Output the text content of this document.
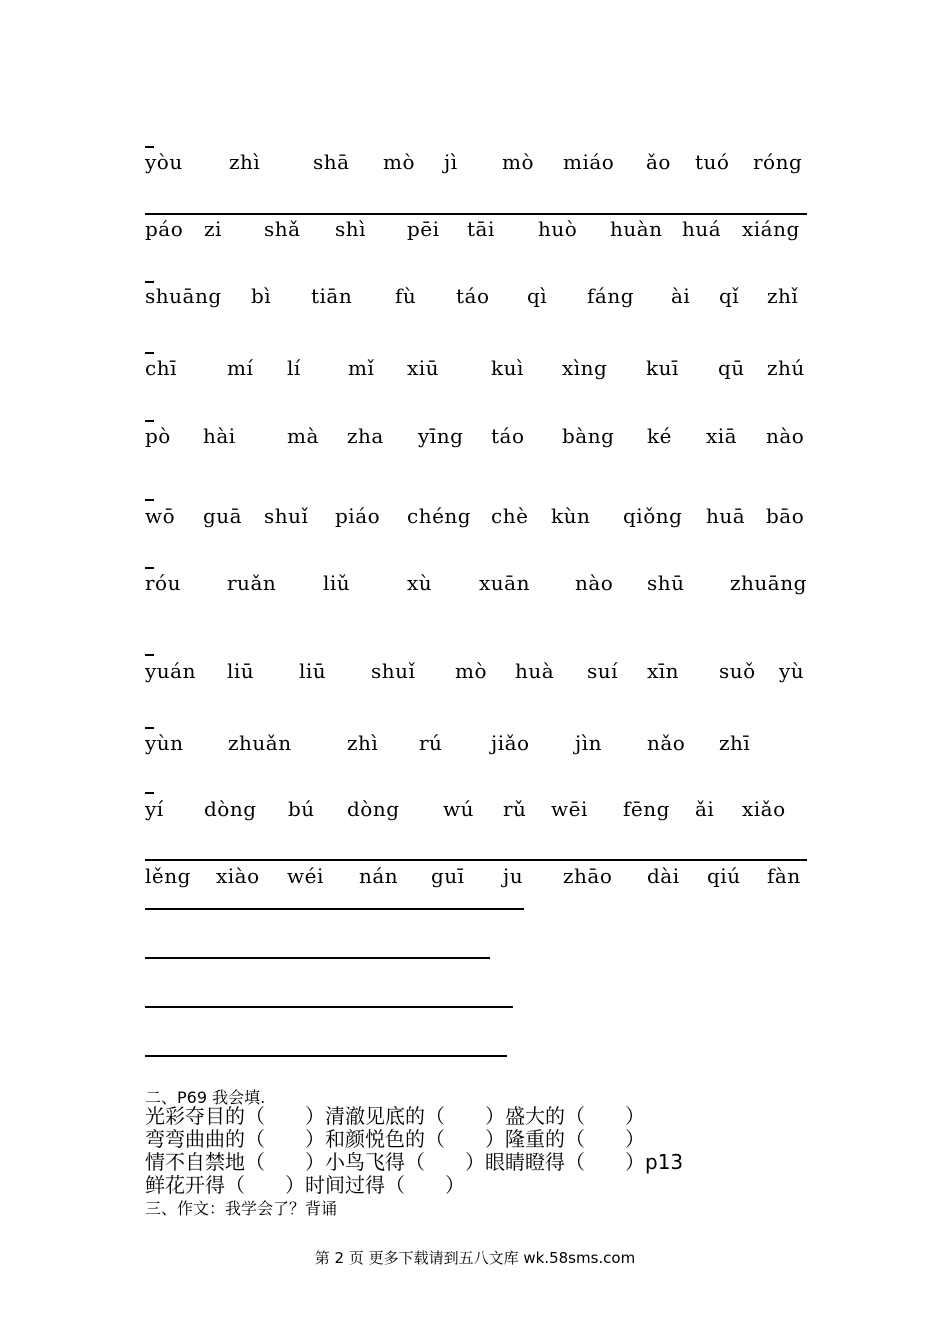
yòu zhì	shā mò jì mò miáo ǎo tuó róng
páo zi shǎ shì pēi tāi huò huàn huá xiáng
shuāng bì tiān fù táo qì fáng ài qǐ zhǐ
chī	mí lí mǐ xiū	kuì xìng kuī qū zhú
pò hài	mà zha yīng táo bàng ké xiā nào
wō guā shuǐ piáo chéng chè kùn qiǒng huā bāo
róu ruǎn liǔ	xù xuān nào shū zhuāng
yuán liū liū shuǐ mò huà suí xīn suǒ yù
yùn zhuǎn	zhì rú jiǎo jìn nǎo zhī
yí dòng bú dòng wú rǔ wēi fēng ǎi xiǎo
lěng xiào wéi nán guī ju zhāo dài qiú fàn
二、P69 我会填.
光彩夺目的（　　）清澈见底的（　　）盛大的（　　）
弯弯曲曲的（　　）和颜悦色的（　　）隆重的（　　）
情不自禁地（　　）小鸟飞得（　　）眼睛瞪得（　　）p13
鲜花开得（　　）时间过得（　　）
三、作文：我学会了？背诵
第 2 页 更多下载请到五八文库 wk.58sms.com
